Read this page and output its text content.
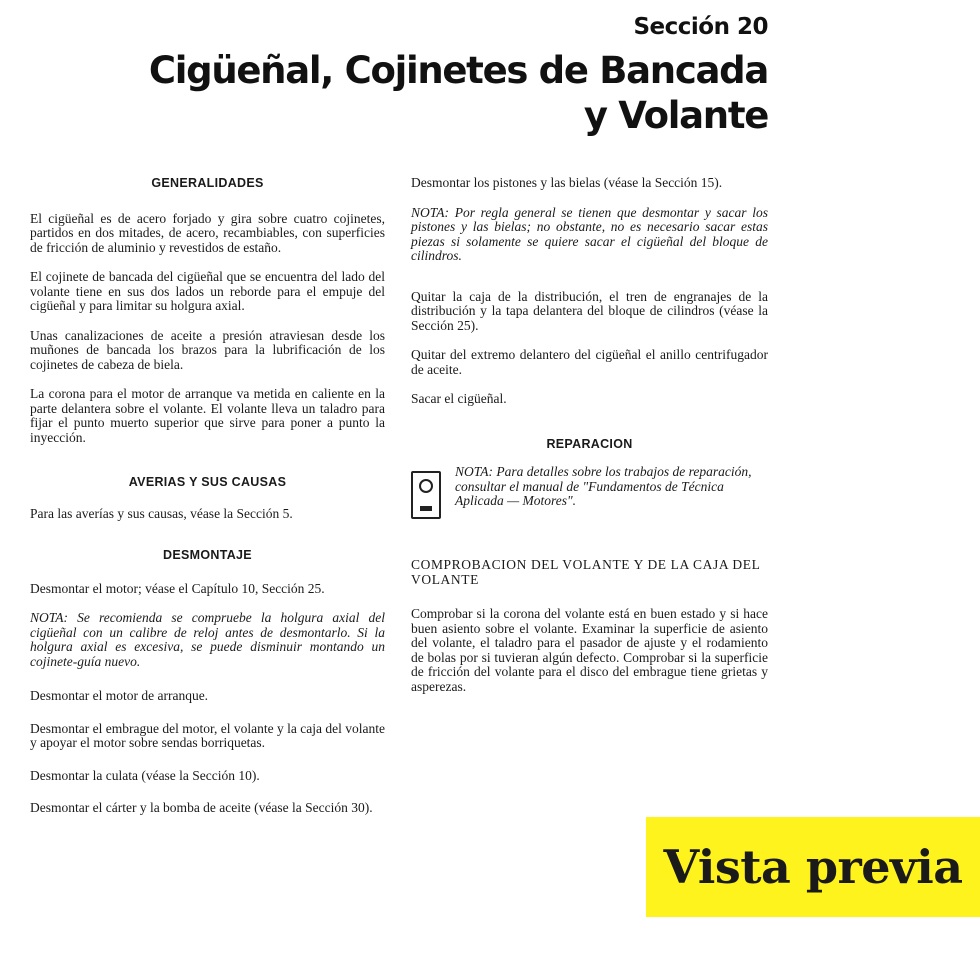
Sección 20
Cigüeñal, Cojinetes de Bancada
y Volante
GENERALIDADES

El cigüeñal es de acero forjado y gira sobre cuatro cojinetes, partidos en dos mitades, de acero, recambiables, con superficies de fricción de aluminio y revestidos de estaño.

El cojinete de bancada del cigüeñal que se encuentra del lado del volante tiene en sus dos lados un reborde para el empuje del cigüeñal y para limitar su holgura axial.

Unas canalizaciones de aceite a presión atraviesan desde los muñones de bancada los brazos para la lubrificación de los cojinetes de cabeza de biela.

La corona para el motor de arranque va metida en caliente en la parte delantera sobre el volante. El volante lleva un taladro para fijar el punto muerto superior que sirve para poner a punto la inyección.

AVERIAS Y SUS CAUSAS

Para las averías y sus causas, véase la Sección 5.

DESMONTAJE

Desmontar el motor; véase el Capítulo 10, Sección 25.

NOTA: Se recomienda se compruebe la holgura axial del cigüeñal con un calibre de reloj antes de desmontarlo. Si la holgura axial es excesiva, se puede disminuir montando un cojinete-guía nuevo.

Desmontar el motor de arranque.

Desmontar el embrague del motor, el volante y la caja del volante y apoyar el motor sobre sendas borriquetas.

Desmontar la culata (véase la Sección 10).

Desmontar el cárter y la bomba de aceite (véase la Sección 30).

Desmontar los pistones y las bielas (véase la Sección 15).

NOTA: Por regla general se tienen que desmontar y sacar los pistones y las bielas; no obstante, no es necesario sacar estas piezas si solamente se quiere sacar el cigüeñal del bloque de cilindros.

Quitar la caja de la distribución, el tren de engranajes de la distribución y la tapa delantera del bloque de cilindros (véase la Sección 25).

Quitar del extremo delantero del cigüeñal el anillo centrifugador de aceite.

Sacar el cigüeñal.

REPARACION

NOTA: Para detalles sobre los trabajos de reparación, consultar el manual de "Fundamentos de Técnica Aplicada — Motores".

COMPROBACION DEL VOLANTE Y DE LA CAJA DEL VOLANTE

Comprobar si la corona del volante está en buen estado y si hace buen asiento sobre el volante. Examinar la superficie de asiento del volante, el taladro para el pasador de ajuste y el rodamiento de bolas por si tuvieran algún defecto. Comprobar si la superficie de fricción del volante para el disco del embrague tiene grietas y asperezas.

Vista previa
